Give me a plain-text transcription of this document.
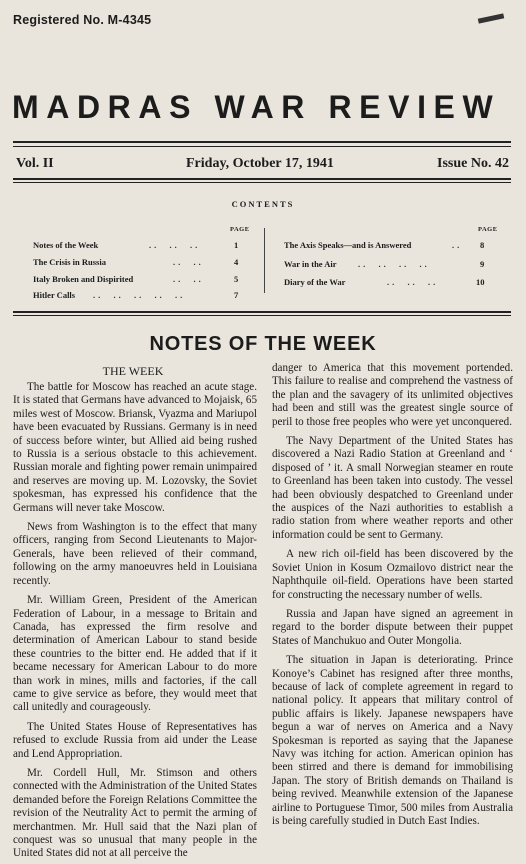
Registered No. M-4345
MADRAS WAR REVIEW
Vol. II	Friday, October 17, 1941	Issue No. 42
CONTENTS
PAGE
Notes of the Week	..  ..  ..	1
The Crisis in Russia	..  ..	4
Italy Broken and Dispirited	..  ..	5
Hitler Calls ..  ..  ..  ..  ..	7
PAGE
The Axis Speaks—and is Answered	.. 8
War in the Air	..  ..  ..  ..	9
Diary of the War	..  ..  ..	10
NOTES OF THE WEEK
THE WEEK

The battle for Moscow has reached an acute stage. It is stated that Germans have advanced to Mojaisk, 65 miles west of Moscow. Briansk, Vyazma and Mariupol have been evacuated by Russians. Germany is in need of success before winter, but Allied aid being rushed to Russia is a serious obstacle to this achievement. Russian morale and fighting power remain unimpaired and reserves are moving up. M. Lozovsky, the Soviet spokesman, has expressed his confidence that the Germans will never take Moscow.

News from Washington is to the effect that many officers, ranging from Second Lieutenants to Major-Generals, have been relieved of their command, following on the army manoeuvres held in Louisiana recently.

Mr. William Green, President of the American Federation of Labour, in a message to Britain and Canada, has expressed the firm resolve and determination of American Labour to stand beside these countries to the bitter end. He added that if it became necessary for American Labour to do more than work in mines, mills and factories, if the call came to give service as before, they would meet that call unitedly and courageously.

The United States House of Representatives has refused to exclude Russia from aid under the Lease and Lend Appropriation.

Mr. Cordell Hull, Mr. Stimson and others connected with the Administration of the United States demanded before the Foreign Relations Committee the revision of the Neutrality Act to permit the arming of merchantmen. Mr. Hull said that the Nazi plan of conquest was so unusual that many people in the United States did not at all perceive the

danger to America that this movement portended. This failure to realise and comprehend the vastness of the plan and the savagery of its unlimited objectives had been and still was the greatest single source of peril to those free peoples who were yet unconquered.

The Navy Department of the United States has discovered a Nazi Radio Station at Greenland and ‘ disposed of ’ it. A small Norwegian steamer en route to Greenland has been taken into custody. The vessel had been obviously despatched to Greenland under the auspices of the Nazi authorities to establish a radio station from where weather reports and other information could be sent to Germany.

A new rich oil-field has been discovered by the Soviet Union in Kosum Ozmailovo district near the Naphthquile oil-field. Operations have been started for constructing the necessary number of wells.

Russia and Japan have signed an agreement in regard to the border dispute between their puppet States of Manchukuo and Outer Mongolia.

The situation in Japan is deteriorating. Prince Konoye’s Cabinet has resigned after three months, because of lack of complete agreement in regard to national policy. It appears that military control of public affairs is likely. Japanese newspapers have begun a war of nerves on America and a Navy Spokesman is reported as saying that the Japanese Navy was itching for action. American opinion has been stirred and there is demand for immobilising Japan. The story of British demands on Thailand is being revived. Meanwhile extension of the Japanese airline to Portuguese Timor, 500 miles from Australia is being carefully studied in Dutch East Indies.
